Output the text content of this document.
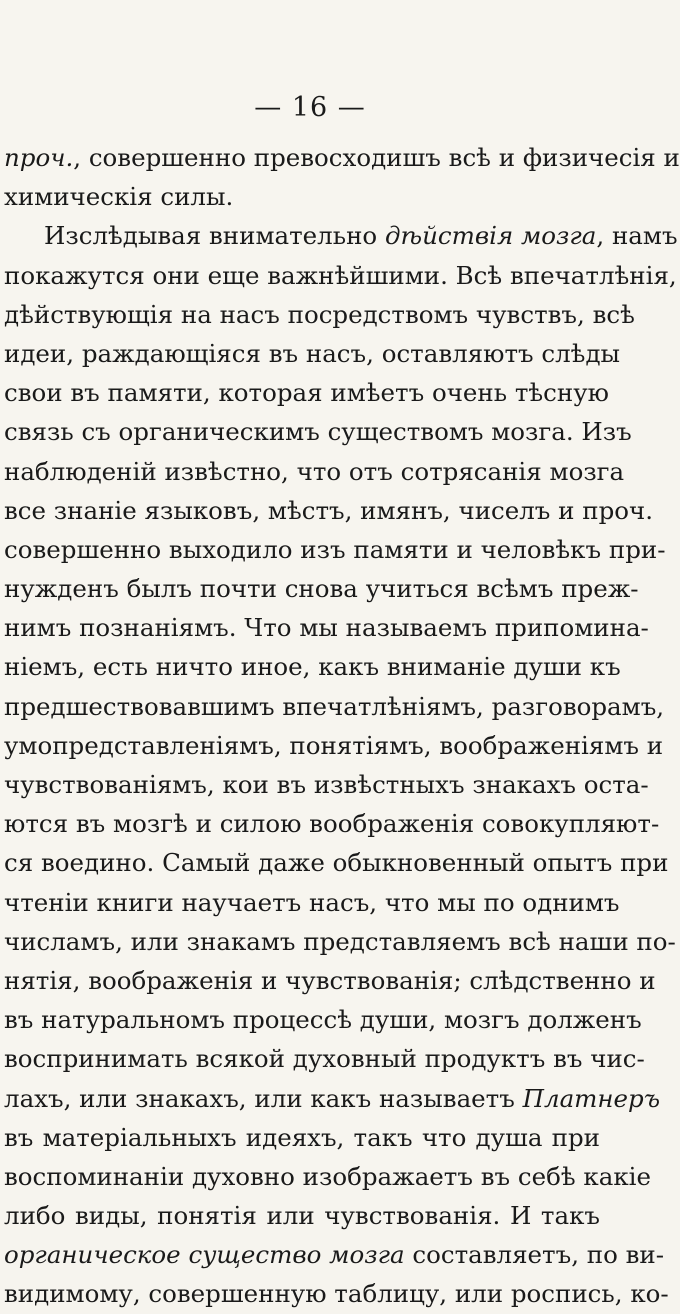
— 16 —
проч., совершенно превосходишъ всѣ и физичесія и
химическія силы.
Изслѣдывая внимательно дѣйствія мозга, намъ
покажутся они еще важнѣйшими. Всѣ впечатлѣнія,
дѣйствующія на насъ посредствомъ чувствъ, всѣ
идеи, раждающіяся въ насъ, оставляютъ слѣды
свои въ памяти, которая имѣетъ очень тѣсную
связь съ органическимъ существомъ мозга. Изъ
наблюденій извѣстно, что отъ сотрясанія мозга
все знаніе языковъ, мѣстъ, имянъ, чиселъ и проч.
совершенно выходило изъ памяти и человѣкъ при-
нужденъ былъ почти снова учиться всѣмъ преж-
нимъ познаніямъ. Что мы называемъ припомина-
ніемъ, есть ничто иное, какъ вниманіе души къ
предшествовавшимъ впечатлѣніямъ, разговорамъ,
умопредставленіямъ, понятіямъ, воображеніямъ и
чувствованіямъ, кои въ извѣстныхъ знакахъ оста-
ются въ мозгѣ и силою воображенія совокупляют-
ся воедино. Самый даже обыкновенный опытъ при
чтеніи книги научаетъ насъ, что мы по однимъ
числамъ, или знакамъ представляемъ всѣ наши по-
нятія, воображенія и чувствованія; слѣдственно и
въ натуральномъ процессѣ души, мозгъ долженъ
воспринимать всякой духовный продуктъ въ чис-
лахъ, или знакахъ, или какъ называетъ Платнеръ
въ матеріальныхъ идеяхъ, такъ что душа при
воспоминаніи духовно изображаетъ въ себѣ какіе
либо виды, понятія или чувствованія. И такъ
органическое существо мозга составляетъ, по ви-
видимому, совершенную таблицу, или роспись, ко-
